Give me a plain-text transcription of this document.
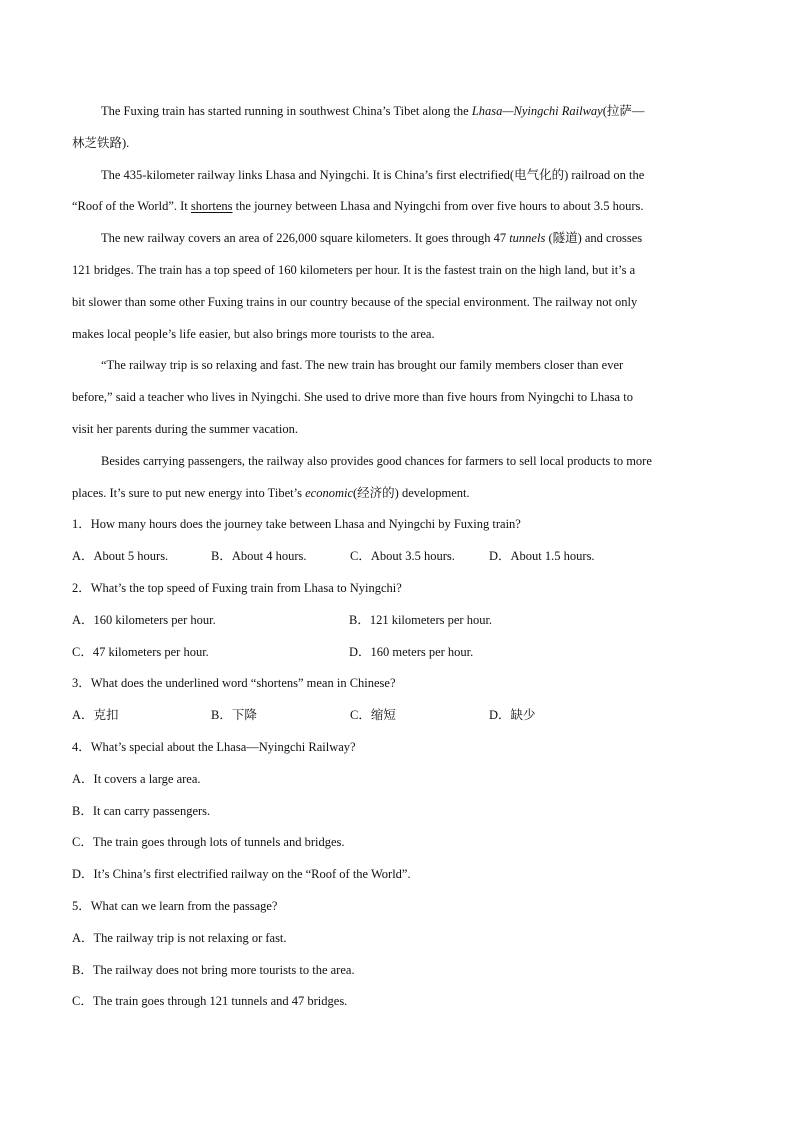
The Fuxing train has started running in southwest China’s Tibet along the Lhasa—Nyingchi Railway(拉萨—
林芝铁路).
The 435-kilometer railway links Lhasa and Nyingchi. It is China’s first electrified(电气化的) railroad on the
“Roof of the World”. It shortens the journey between Lhasa and Nyingchi from over five hours to about 3.5 hours.
The new railway covers an area of 226,000 square kilometers. It goes through 47 tunnels (隧道) and crosses
121 bridges. The train has a top speed of 160 kilometers per hour. It is the fastest train on the high land, but it’s a
bit slower than some other Fuxing trains in our country because of the special environment. The railway not only
makes local people’s life easier, but also brings more tourists to the area.
“The railway trip is so relaxing and fast. The new train has brought our family members closer than ever
before,” said a teacher who lives in Nyingchi. She used to drive more than five hours from Nyingchi to Lhasa to
visit her parents during the summer vacation.
Besides carrying passengers, the railway also provides good chances for farmers to sell local products to more
places. It’s sure to put new energy into Tibet’s economic(经济的) development.
1．How many hours does the journey take between Lhasa and Nyingchi by Fuxing train?
A．About 5 hours.	B．About 4 hours.	C．About 3.5 hours.	D．About 1.5 hours.
2．What’s the top speed of Fuxing train from Lhasa to Nyingchi?
A．160 kilometers per hour.	B．121 kilometers per hour.
C．47 kilometers per hour.	D．160 meters per hour.
3．What does the underlined word “shortens” mean in Chinese?
A．克扣	B．下降	C．缩短	D．缺少
4．What’s special about the Lhasa—Nyingchi Railway?
A．It covers a large area.
B．It can carry passengers.
C．The train goes through lots of tunnels and bridges.
D．It’s China’s first electrified railway on the “Roof of the World”.
5．What can we learn from the passage?
A．The railway trip is not relaxing or fast.
B．The railway does not bring more tourists to the area.
C．The train goes through 121 tunnels and 47 bridges.
